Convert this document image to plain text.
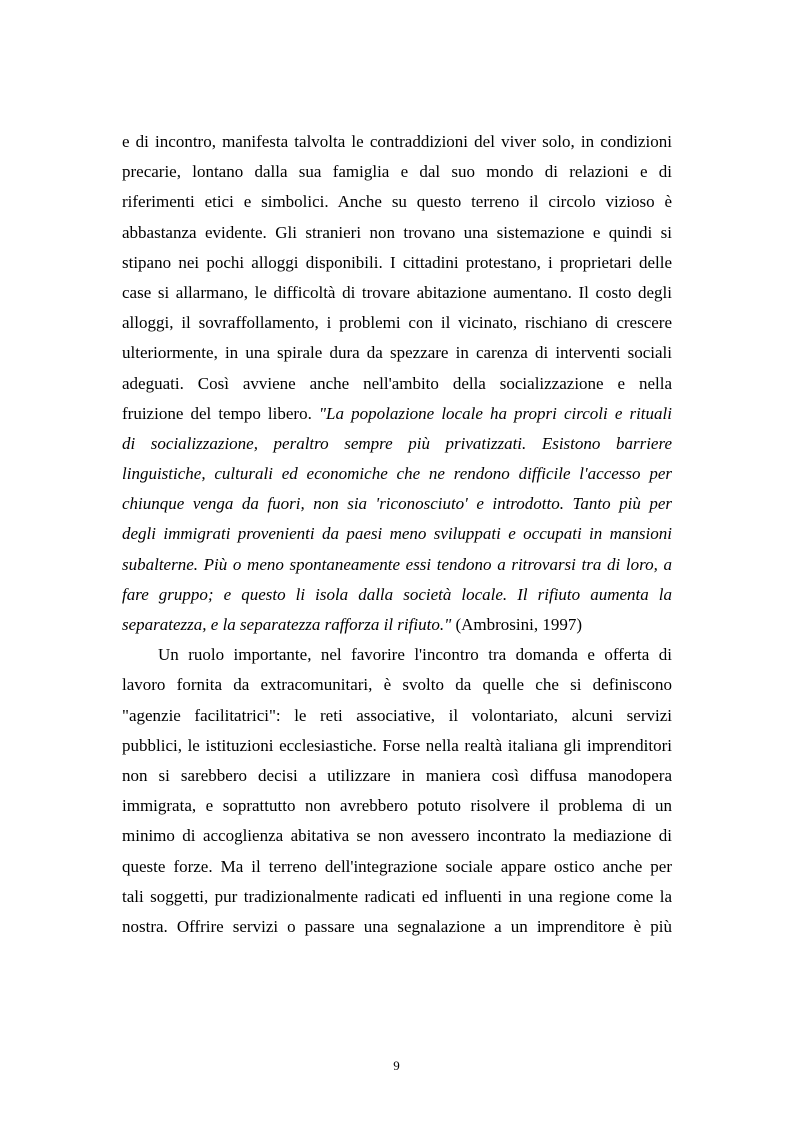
e di incontro, manifesta talvolta le contraddizioni del viver solo, in condizioni
precarie, lontano dalla sua famiglia e dal suo mondo di relazioni e di
riferimenti etici e simbolici. Anche su questo terreno il circolo vizioso è
abbastanza evidente. Gli stranieri non trovano una sistemazione e quindi si
stipano nei pochi alloggi disponibili. I cittadini protestano, i proprietari delle
case si allarmano, le difficoltà di trovare abitazione aumentano. Il costo degli
alloggi, il sovraffollamento, i problemi con il vicinato, rischiano di crescere
ulteriormente, in una spirale dura da spezzare in carenza di interventi sociali
adeguati. Così avviene anche nell'ambito della socializzazione e nella
fruizione del tempo libero. "La popolazione locale ha propri circoli e rituali
di socializzazione, peraltro sempre più privatizzati. Esistono barriere
linguistiche, culturali ed economiche che ne rendono difficile l'accesso per
chiunque venga da fuori, non sia 'riconosciuto' e introdotto. Tanto più per
degli immigrati provenienti da paesi meno sviluppati e occupati in mansioni
subalterne. Più o meno spontaneamente essi tendono a ritrovarsi tra di loro, a
fare gruppo; e questo li isola dalla società locale. Il rifiuto aumenta la
separatezza, e la separatezza rafforza il rifiuto." (Ambrosini, 1997)
Un ruolo importante, nel favorire l'incontro tra domanda e offerta di
lavoro fornita da extracomunitari, è svolto da quelle che si definiscono
"agenzie facilitatrici": le reti associative, il volontariato, alcuni servizi
pubblici, le istituzioni ecclesiastiche. Forse nella realtà italiana gli imprenditori
non si sarebbero decisi a utilizzare in maniera così diffusa manodopera
immigrata, e soprattutto non avrebbero potuto risolvere il problema di un
minimo di accoglienza abitativa se non avessero incontrato la mediazione di
queste forze. Ma il terreno dell'integrazione sociale appare ostico anche per
tali soggetti, pur tradizionalmente radicati ed influenti in una regione come la
nostra. Offrire servizi o passare una segnalazione a un imprenditore è più
9
